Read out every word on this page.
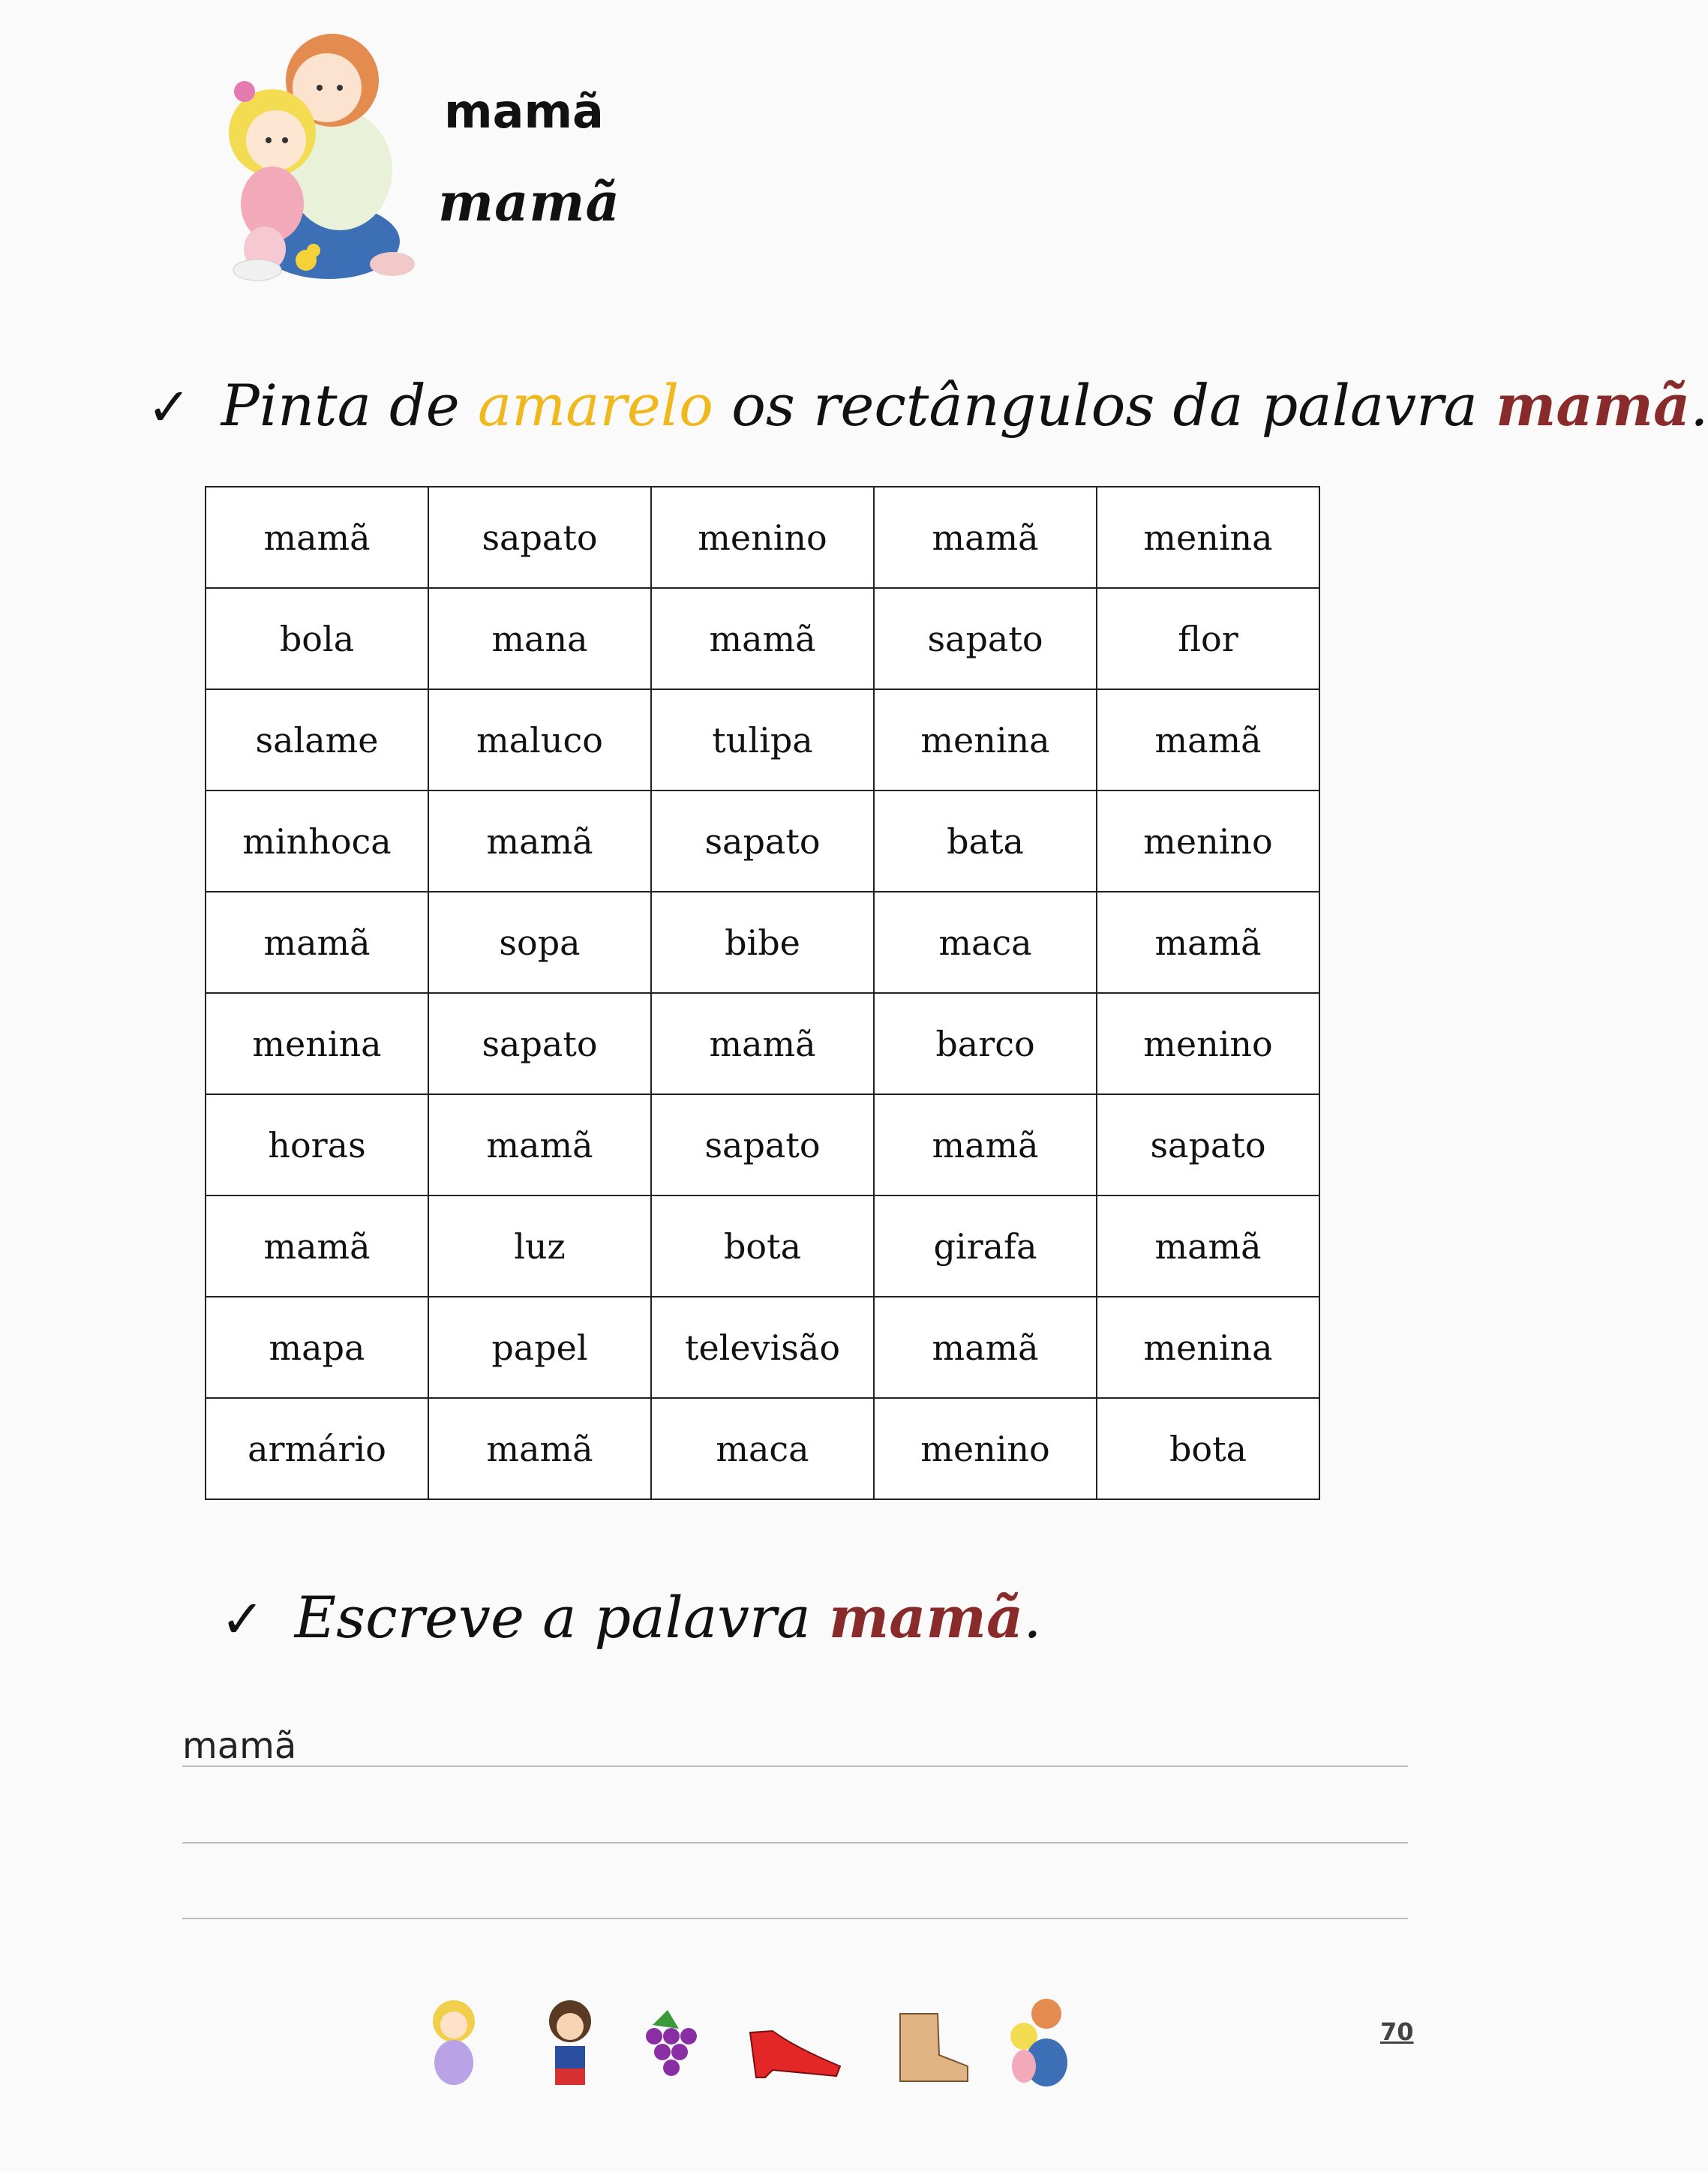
mamã
mamã
✓ Pinta de amarelo os rectângulos da palavra mamã.
mamã	sapato	menino	mamã	menina
bola	mana	mamã	sapato	flor
salame	maluco	tulipa	menina	mamã
minhoca	mamã	sapato	bata	menino
mamã	sopa	bibe	maca	mamã
menina	sapato	mamã	barco	menino
horas	mamã	sapato	mamã	sapato
mamã	luz	bota	girafa	mamã
mapa	papel	televisão	mamã	menina
armário	mamã	maca	menino	bota
✓ Escreve a palavra mamã.
mamã
70
